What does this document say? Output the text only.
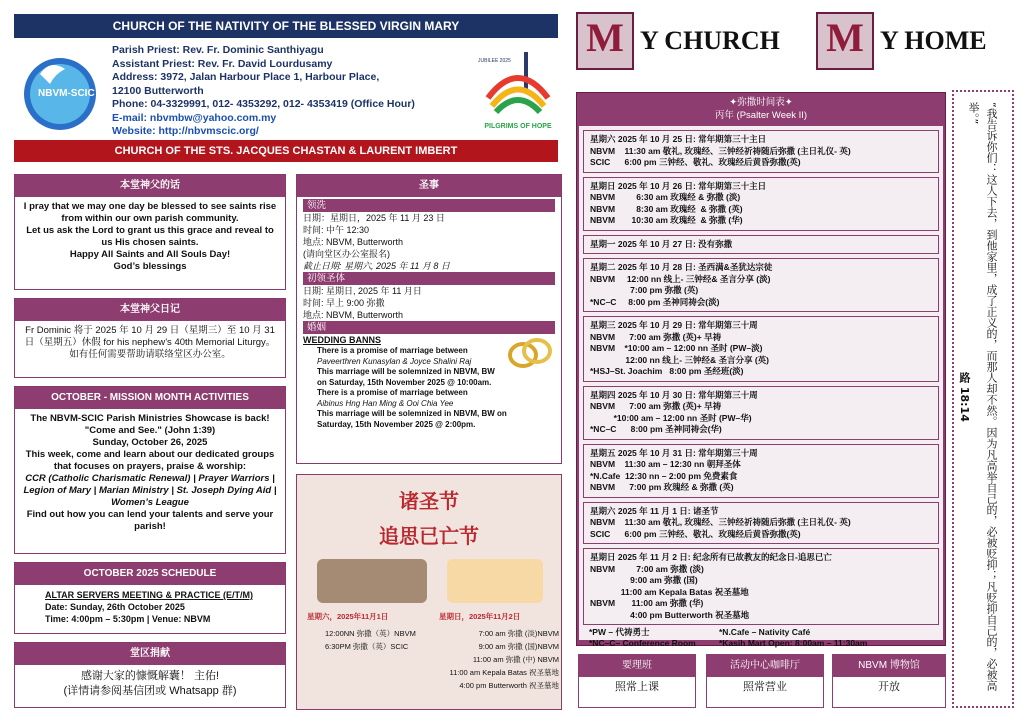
CHURCH OF THE NATIVITY OF THE BLESSED VIRGIN MARY
NBVM-SCIC
Parish Priest: Rev. Fr. Dominic Santhiyagu
Assistant Priest: Rev. Fr. David Lourdusamy
Address: 3972, Jalan Harbour Place 1, Harbour Place,
12100 Butterworth
Phone: 04-3329991, 012- 4353292, 012- 4353419 (Office Hour)
E-mail: nbvmbw@yahoo.com.my
Website: http://nbvmscic.org/
JUBILEE 2025
PILGRIMS OF HOPE
CHURCH OF THE STS. JACQUES CHASTAN & LAURENT IMBERT
M Y CHURCH M Y HOME
本堂神父的话
I pray that we may one day be blessed to see saints rise from within our own parish community.
Let us ask the Lord to grant us this grace and reveal to us His chosen saints.
Happy All Saints and All Souls Day!
God’s blessings
本堂神父日记
Fr Dominic 将于 2025 年 10 月 29 日（星期三）至 10 月 31 日（星期五）休假 for his nephew’s 40th Memorial Liturgy。如有任何需要帮助请联络堂区办公室。
OCTOBER - MISSION MONTH ACTIVITIES
The NBVM-SCIC Parish Ministries Showcase is back!
"Come and See." (John 1:39)
Sunday, October 26, 2025
This week, come and learn about our dedicated groups that focuses on prayers, praise & worship:
CCR (Catholic Charismatic Renewal) | Prayer Warriors | Legion of Mary | Marian Ministry | St. Joseph Dying Aid | Women’s League
Find out how you can lend your talents and serve your parish!
OCTOBER 2025 SCHEDULE
ALTAR SERVERS MEETING & PRACTICE (E/T/M)
Date: Sunday, 26th October 2025
Time: 4:00pm – 5:30pm | Venue: NBVM
堂区捐献
感谢大家的慷慨解囊！ 主佑!
(详情请参阅基信团或 Whatsapp 群)
圣事
领洗
日期：星期日，2025 年 11 月 23 日
时间: 中午 12:30
地点: NBVM, Butterworth
(请向堂区办公室报名)
截止日期: 星期六, 2025 年 11 月 8 日
初领圣体
日期: 星期日, 2025 年 11 月日
时间: 早上 9:00 弥撒
地点: NBVM, Butterworth
婚姻
WEDDING BANNS
There is a promise of marriage between
Paveerthren Kunasylan & Joyce Shalini Raj
This marriage will be solemnized in NBVM, BW on Saturday, 15th November 2025 @ 10:00am.
There is a promise of marriage between
Aibinus Hng Han Ming & Ooi Chia Yee
This marriage will be solemnized in NBVM, BW on Saturday, 15th November 2025 @ 2:00pm.
诸圣节
追思已亡节
星期六，2025年11月1日	星期日，2025年11月2日
12:00NN 弥撒（英）NBVM
6:30PM 弥撒（英）SCIC
7:00 am 弥撒 (淡)NBVM
9:00 am 弥撒 (国)NBVM
11:00 am 弥撒 (中) NBVM
11:00 am Kepala Batas 祝圣墓地
4:00 pm Butterworth 祝圣墓地
✦弥撒时间表✦
丙年 (Psalter Week II)
星期六 2025 年 10 月 25 日: 常年期第三十主日
NBVM    11:30 am 敬礼, 玫瑰经、三钟经祈祷随后弥撒 (主日礼仪- 英)
SCIC      6:00 pm 三钟经、敬礼、玫瑰经后黄昏弥撒(英)
星期日 2025 年 10 月 26 日: 常年期第三十主日
NBVM         6:30 am 玫瑰经 & 弥撒 (淡)
NBVM         8:30 am 玫瑰经  & 弥撒 (英)
NBVM       10:30 am 玫瑰经  & 弥撒 (华)
星期一 2025 年 10 月 27 日: 没有弥撒
星期二 2025 年 10 月 28 日: 圣西满&圣犹达宗徒
NBVM     12:00 nn 线上- 三钟经& 圣言分享 (淡)
7:00 pm 弥撒 (英)
*NC–C     8:00 pm 圣神同祷会(淡)
星期三 2025 年 10 月 29 日: 常年期第三十周
NBVM      7:00 am 弥撒 (英)+ 早祷
NBVM    *10:00 am – 12:00 nn 圣时 (PW–淡)
12:00 nn 线上- 三钟经& 圣言分享 (英)
*HSJ–St. Joachim   8:00 pm 圣经班(淡)
星期四 2025 年 10 月 30 日: 常年期第三十周
NBVM      7:00 am 弥撒 (英)+ 早祷
*10:00 am – 12:00 nn 圣时 (PW–华)
*NC–C      8:00 pm 圣神同祷会(华)
星期五 2025 年 10 月 31 日: 常年期第三十周
NBVM    11:30 am – 12:30 nn 朝拜圣体
*N.Cafe  12:30 nn – 2:00 pm 免费素食
NBVM      7:00 pm 玫瑰经 & 弥撒 (英)
星期六 2025 年 11 月 1 日: 诸圣节
NBVM    11:30 am 敬礼, 玫瑰经、三钟经祈祷随后弥撒 (主日礼仪- 英)
SCIC      6:00 pm 三钟经、敬礼、玫瑰经后黄昏弥撒(英)
星期日 2025 年 11 月 2 日: 纪念所有已故教友的纪念日-追思已亡
NBVM         7:00 am 弥撒 (淡)
9:00 am 弥撒 (国)
11:00 am Kepala Batas 祝圣墓地
NBVM       11:00 am 弥撒 (华)
4:00 pm Butterworth 祝圣墓地
*PW – 代祷勇士
*NC–C– Conference Room
*N.Cafe – Nativity Café
*Kasih Mart Open: 8:00am – 11:30am
要理班
照常上课
活动中心咖啡厅
照常营业
NBVM 博物馆
开放	“我告诉你们：这人下去，到他家里，成了正义的，而那人却不然。因为凡高举自己的，必被贬抑；凡贬抑自己的，必被高举。”
路 18:14
